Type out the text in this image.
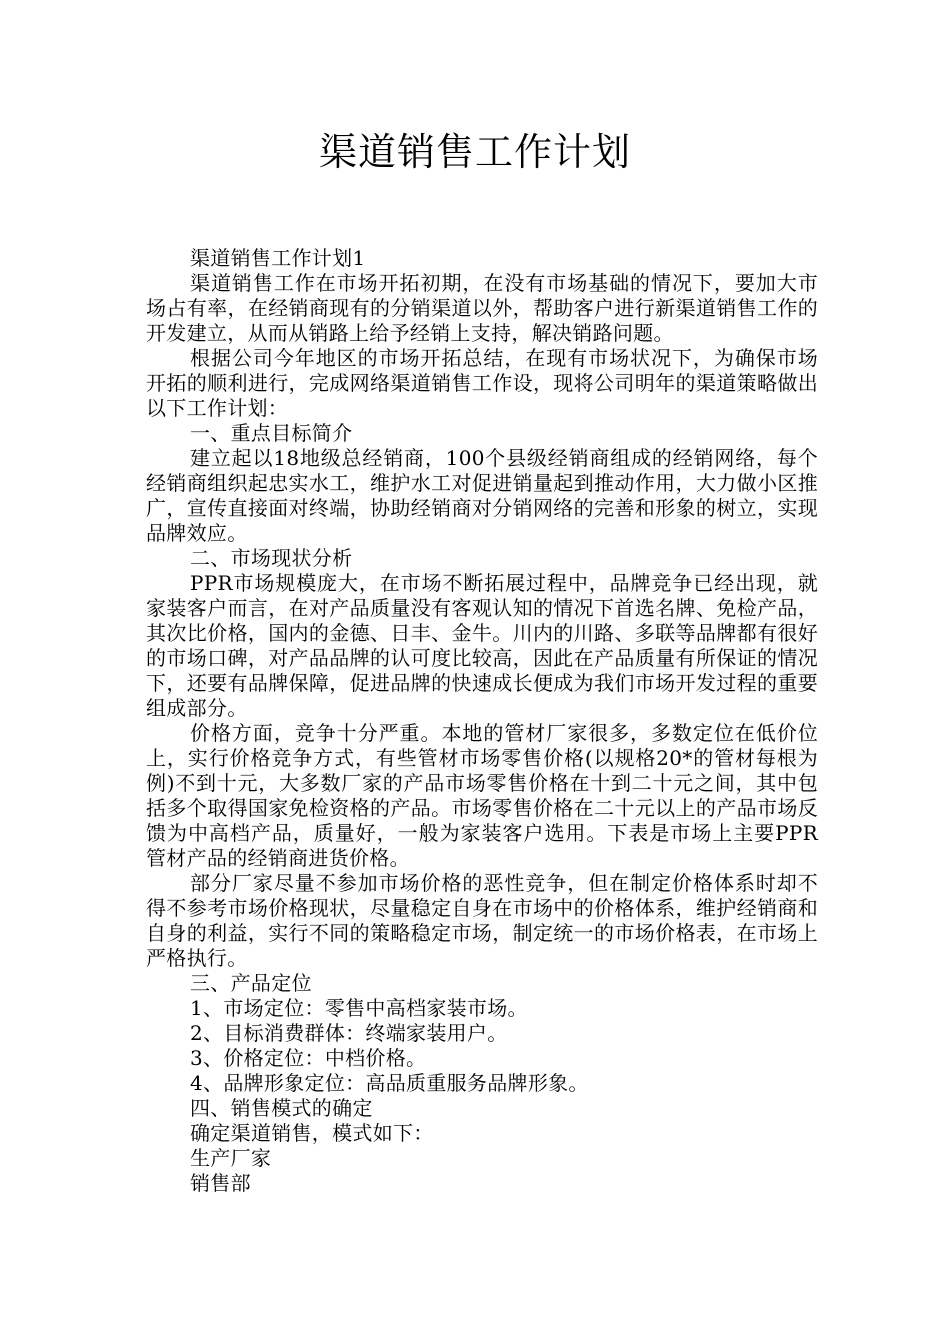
渠道销售工作计划

渠道销售工作计划1

渠道销售工作在市场开拓初期，在没有市场基础的情况下，要加大市场占有率，在经销商现有的分销渠道以外，帮助客户进行新渠道销售工作的开发建立，从而从销路上给予经销上支持，解决销路问题。

根据公司今年地区的市场开拓总结，在现有市场状况下，为确保市场开拓的顺利进行，完成网络渠道销售工作设，现将公司明年的渠道策略做出以下工作计划：

一、重点目标简介

建立起以18地级总经销商，100个县级经销商组成的经销网络，每个经销商组织起忠实水工，维护水工对促进销量起到推动作用，大力做小区推广，宣传直接面对终端，协助经销商对分销网络的完善和形象的树立，实现品牌效应。

二、市场现状分析

PPR市场规模庞大，在市场不断拓展过程中，品牌竞争已经出现，就家装客户而言，在对产品质量没有客观认知的情况下首选名牌、免检产品，其次比价格，国内的金德、日丰、金牛。川内的川路、多联等品牌都有很好的市场口碑，对产品品牌的认可度比较高，因此在产品质量有所保证的情况下，还要有品牌保障，促进品牌的快速成长便成为我们市场开发过程的重要组成部分。

价格方面，竞争十分严重。本地的管材厂家很多，多数定位在低价位上，实行价格竞争方式，有些管材市场零售价格(以规格20*的管材每根为例)不到十元，大多数厂家的产品市场零售价格在十到二十元之间，其中包括多个取得国家免检资格的产品。市场零售价格在二十元以上的产品市场反馈为中高档产品，质量好，一般为家装客户选用。下表是市场上主要PPR管材产品的经销商进货价格。

部分厂家尽量不参加市场价格的恶性竞争，但在制定价格体系时却不得不参考市场价格现状，尽量稳定自身在市场中的价格体系，维护经销商和自身的利益，实行不同的策略稳定市场，制定统一的市场价格表，在市场上严格执行。

三、产品定位

1、市场定位：零售中高档家装市场。

2、目标消费群体：终端家装用户。

3、价格定位：中档价格。

4、品牌形象定位：高品质重服务品牌形象。

四、销售模式的确定

确定渠道销售，模式如下：

生产厂家

销售部
